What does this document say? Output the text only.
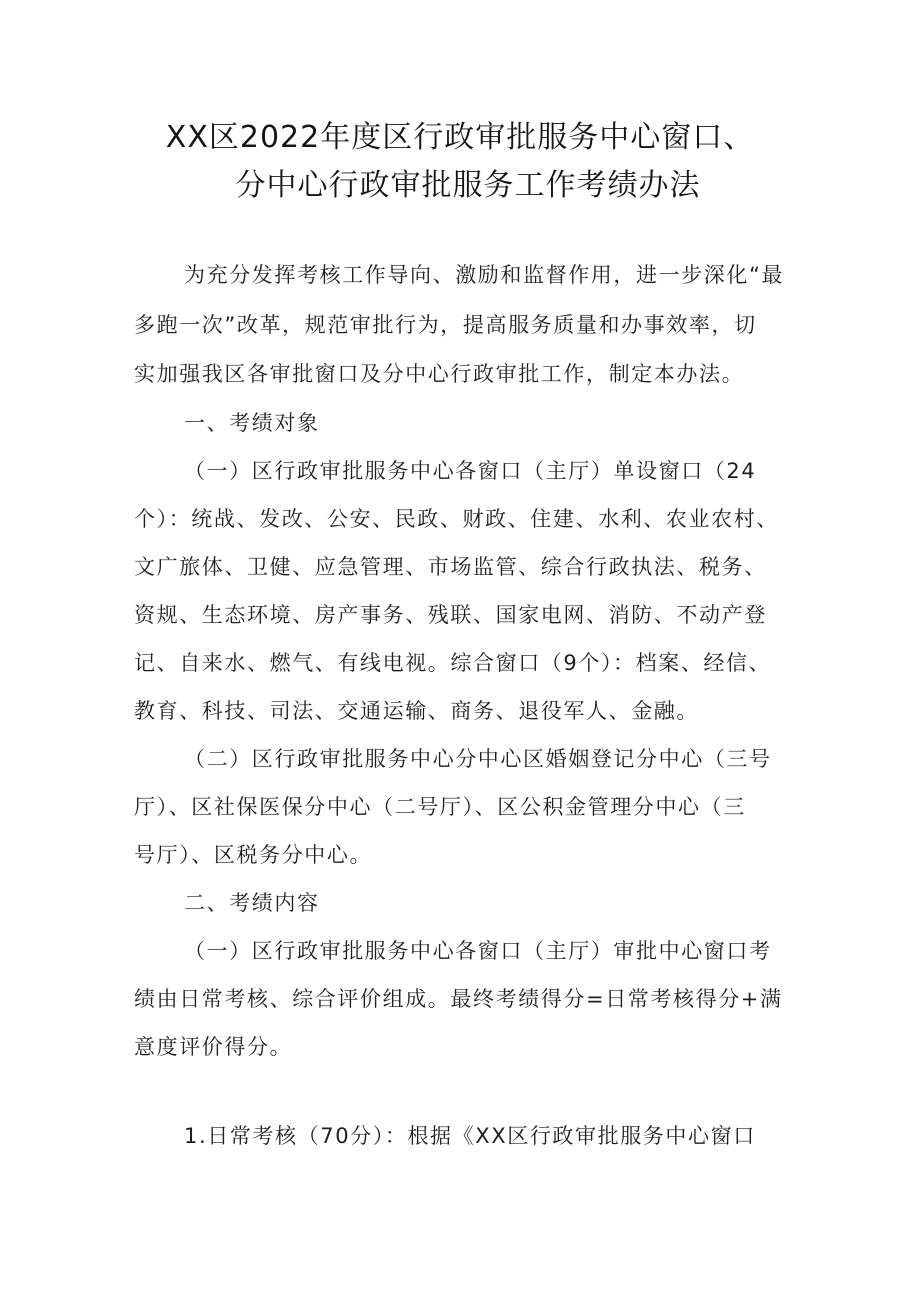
XX区2022年度区行政审批服务中心窗口、
分中心行政审批服务工作考绩办法
为充分发挥考核工作导向、激励和监督作用，进一步深化“最
多跑一次”改革，规范审批行为，提高服务质量和办事效率，切
实加强我区各审批窗口及分中心行政审批工作，制定本办法。
一、考绩对象
（一）区行政审批服务中心各窗口（主厅）单设窗口（24
个）：统战、发改、公安、民政、财政、住建、水利、农业农村、
文广旅体、卫健、应急管理、市场监管、综合行政执法、税务、
资规、生态环境、房产事务、残联、国家电网、消防、不动产登
记、自来水、燃气、有线电视。综合窗口（9个）：档案、经信、
教育、科技、司法、交通运输、商务、退役军人、金融。
（二）区行政审批服务中心分中心区婚姻登记分中心（三号
厅）、区社保医保分中心（二号厅）、区公积金管理分中心（三
号厅）、区税务分中心。
二、考绩内容
（一）区行政审批服务中心各窗口（主厅）审批中心窗口考
绩由日常考核、综合评价组成。最终考绩得分=日常考核得分+满
意度评价得分。
1.日常考核（70分）：根据《XX区行政审批服务中心窗口
